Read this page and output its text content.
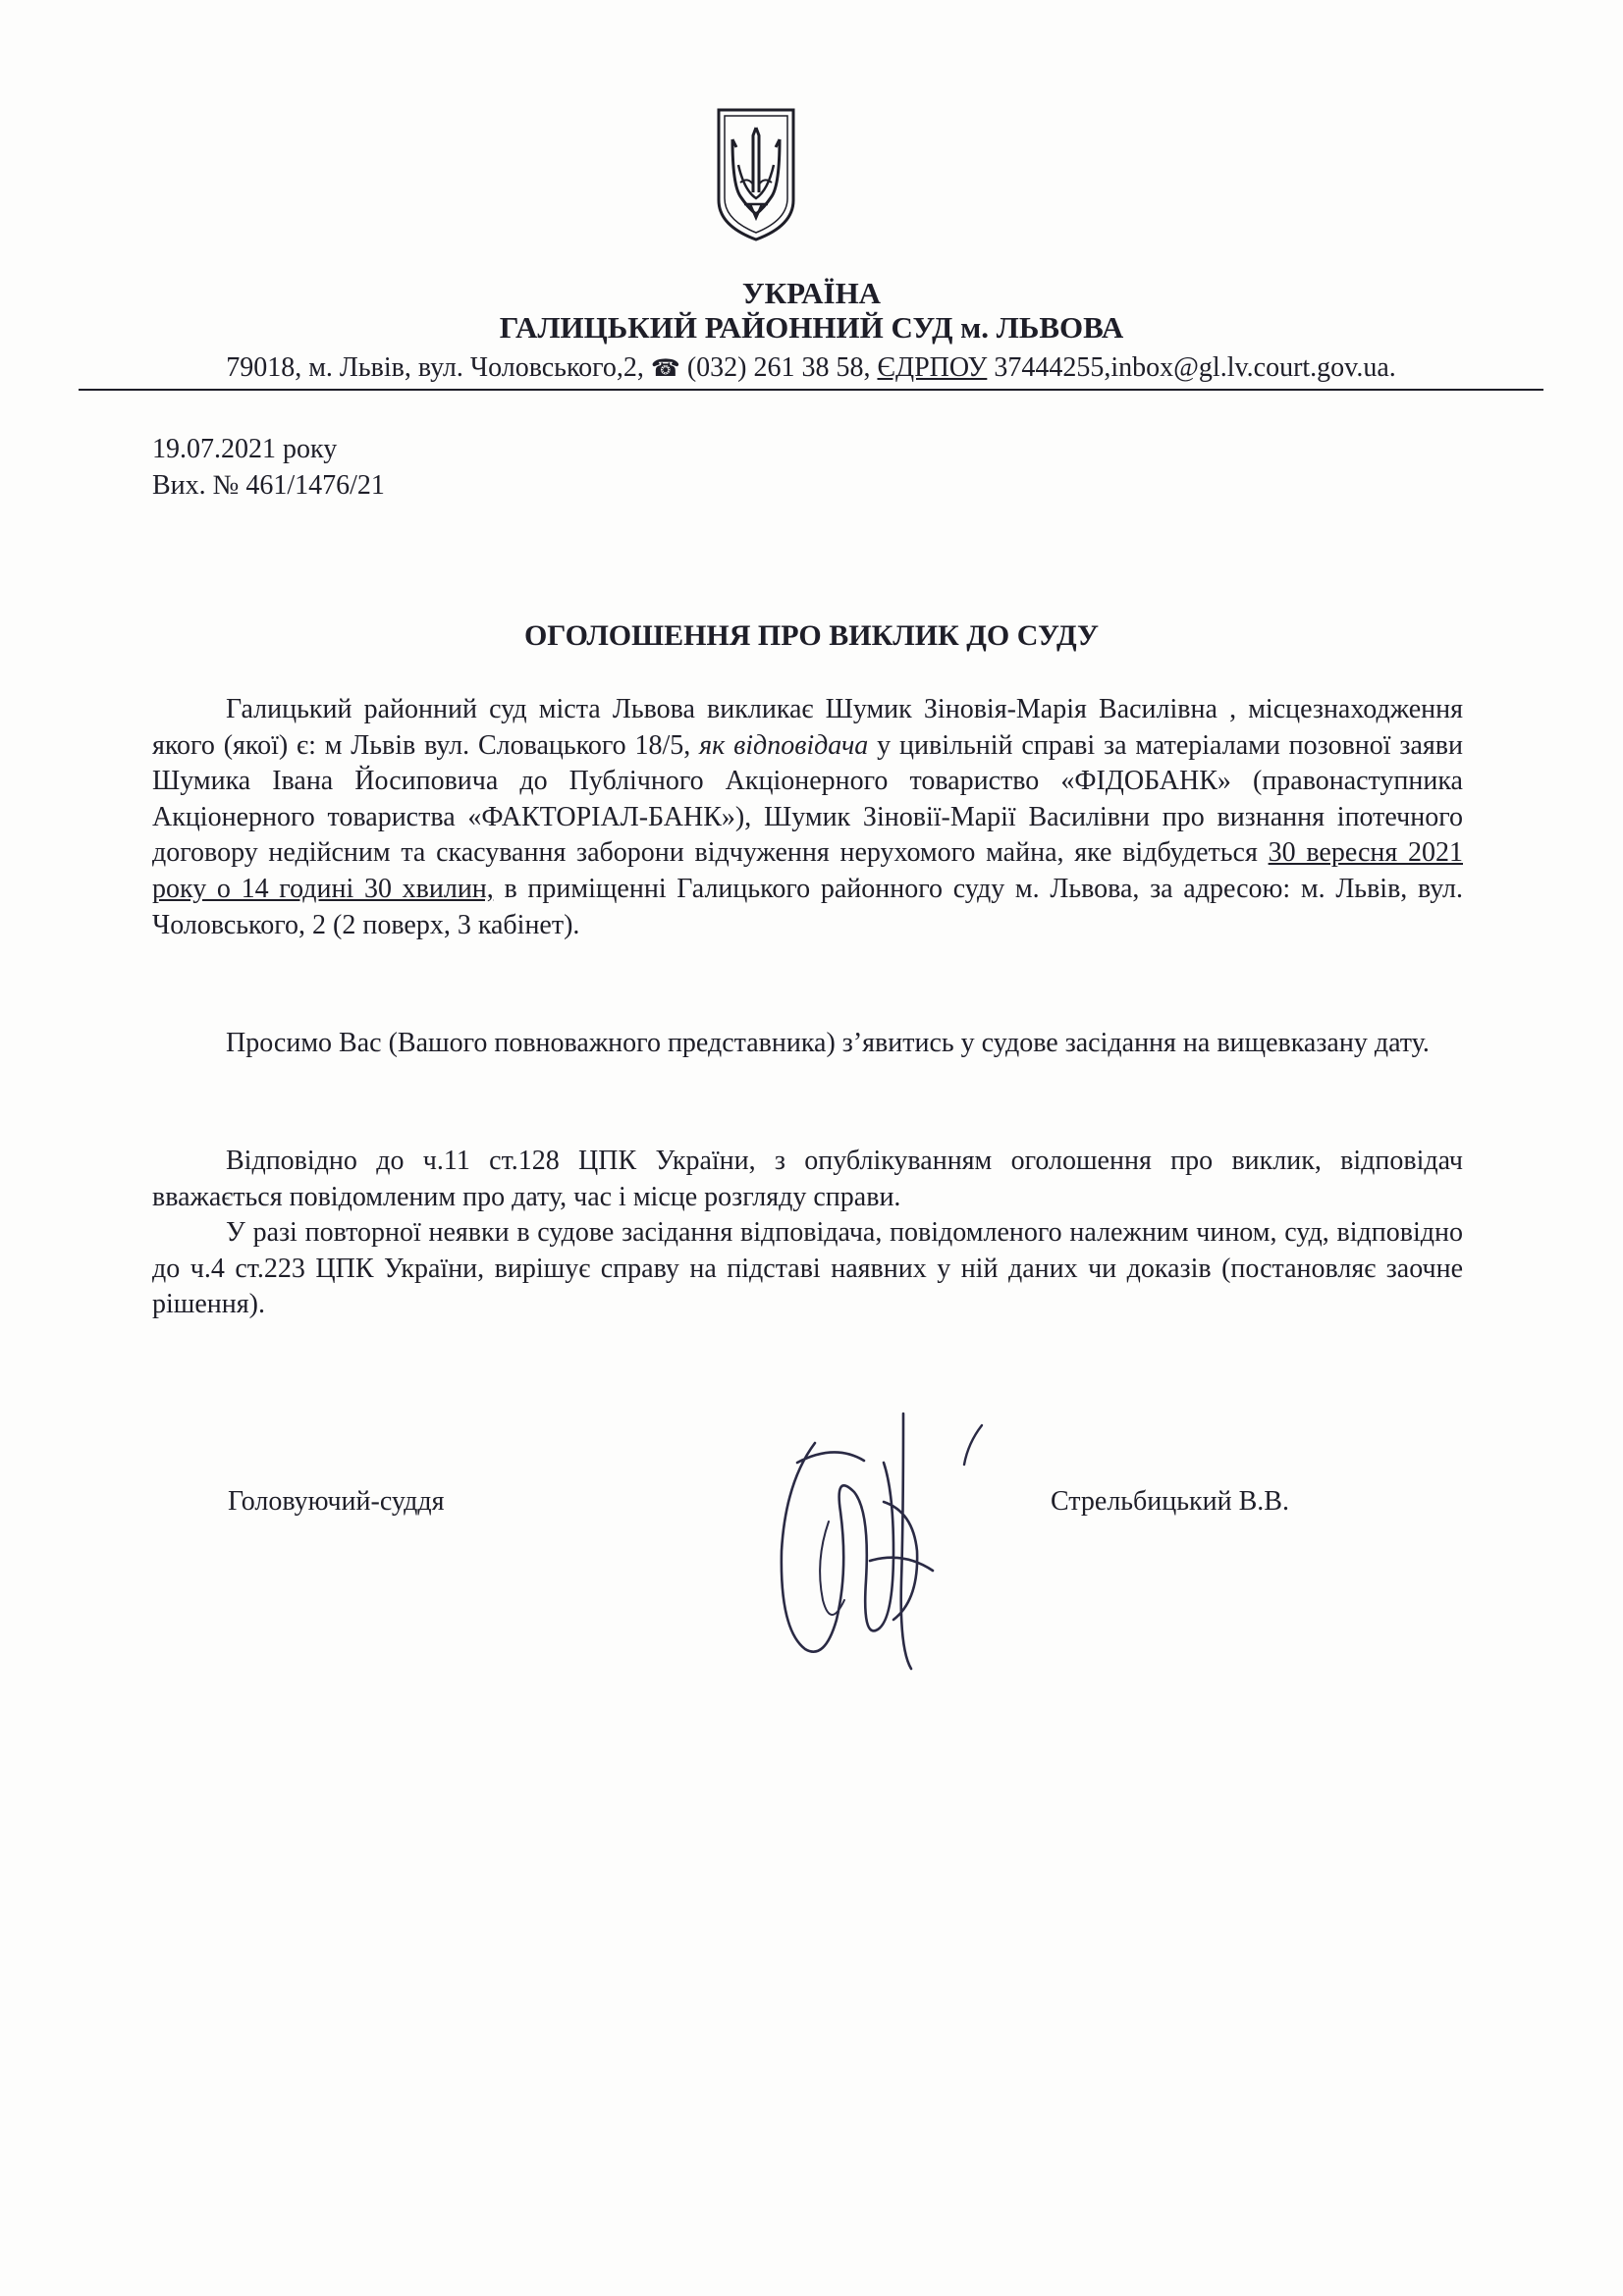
УКРАЇНА
ГАЛИЦЬКИЙ РАЙОННИЙ СУД м. ЛЬВОВА
79018, м. Львів, вул. Чоловського,2, ☎ (032) 261 38 58, ЄДРПОУ 37444255,inbox@gl.lv.court.gov.ua.
19.07.2021 року
Вих. № 461/1476/21
ОГОЛОШЕННЯ ПРО ВИКЛИК ДО СУДУ

Галицький районний суд міста Львова викликає Шумик Зіновія-Марія Василівна , місцезнаходження якого (якої) є: м Львів вул. Словацького 18/5, як відповідача у цивільній справі за матеріалами позовної заяви Шумика Івана Йосиповича до Публічного Акціонерного товариство «ФІДОБАНК» (правонаступника Акціонерного товариства «ФАКТОРІАЛ-БАНК»), Шумик Зіновії-Марії Василівни про визнання іпотечного договору недійсним та скасування заборони відчуження нерухомого майна, яке відбудеться 30 вересня 2021 року о 14 годині 30 хвилин, в приміщенні Галицького районного суду м. Львова, за адресою: м. Львів, вул. Чоловського, 2 (2 поверх, 3 кабінет).

Просимо Вас (Вашого повноважного представника) з’явитись у судове засідання на вищевказану дату.

Відповідно до ч.11 ст.128 ЦПК України, з опублікуванням оголошення про виклик, відповідач вважається повідомленим про дату, час і місце розгляду справи.

У разі повторної неявки в судове засідання відповідача, повідомленого належним чином, суд, відповідно до ч.4 ст.223 ЦПК України, вирішує справу на підставі наявних у ній даних чи доказів (постановляє заочне рішення).

Головуючий-суддя	Стрельбицький В.В.
